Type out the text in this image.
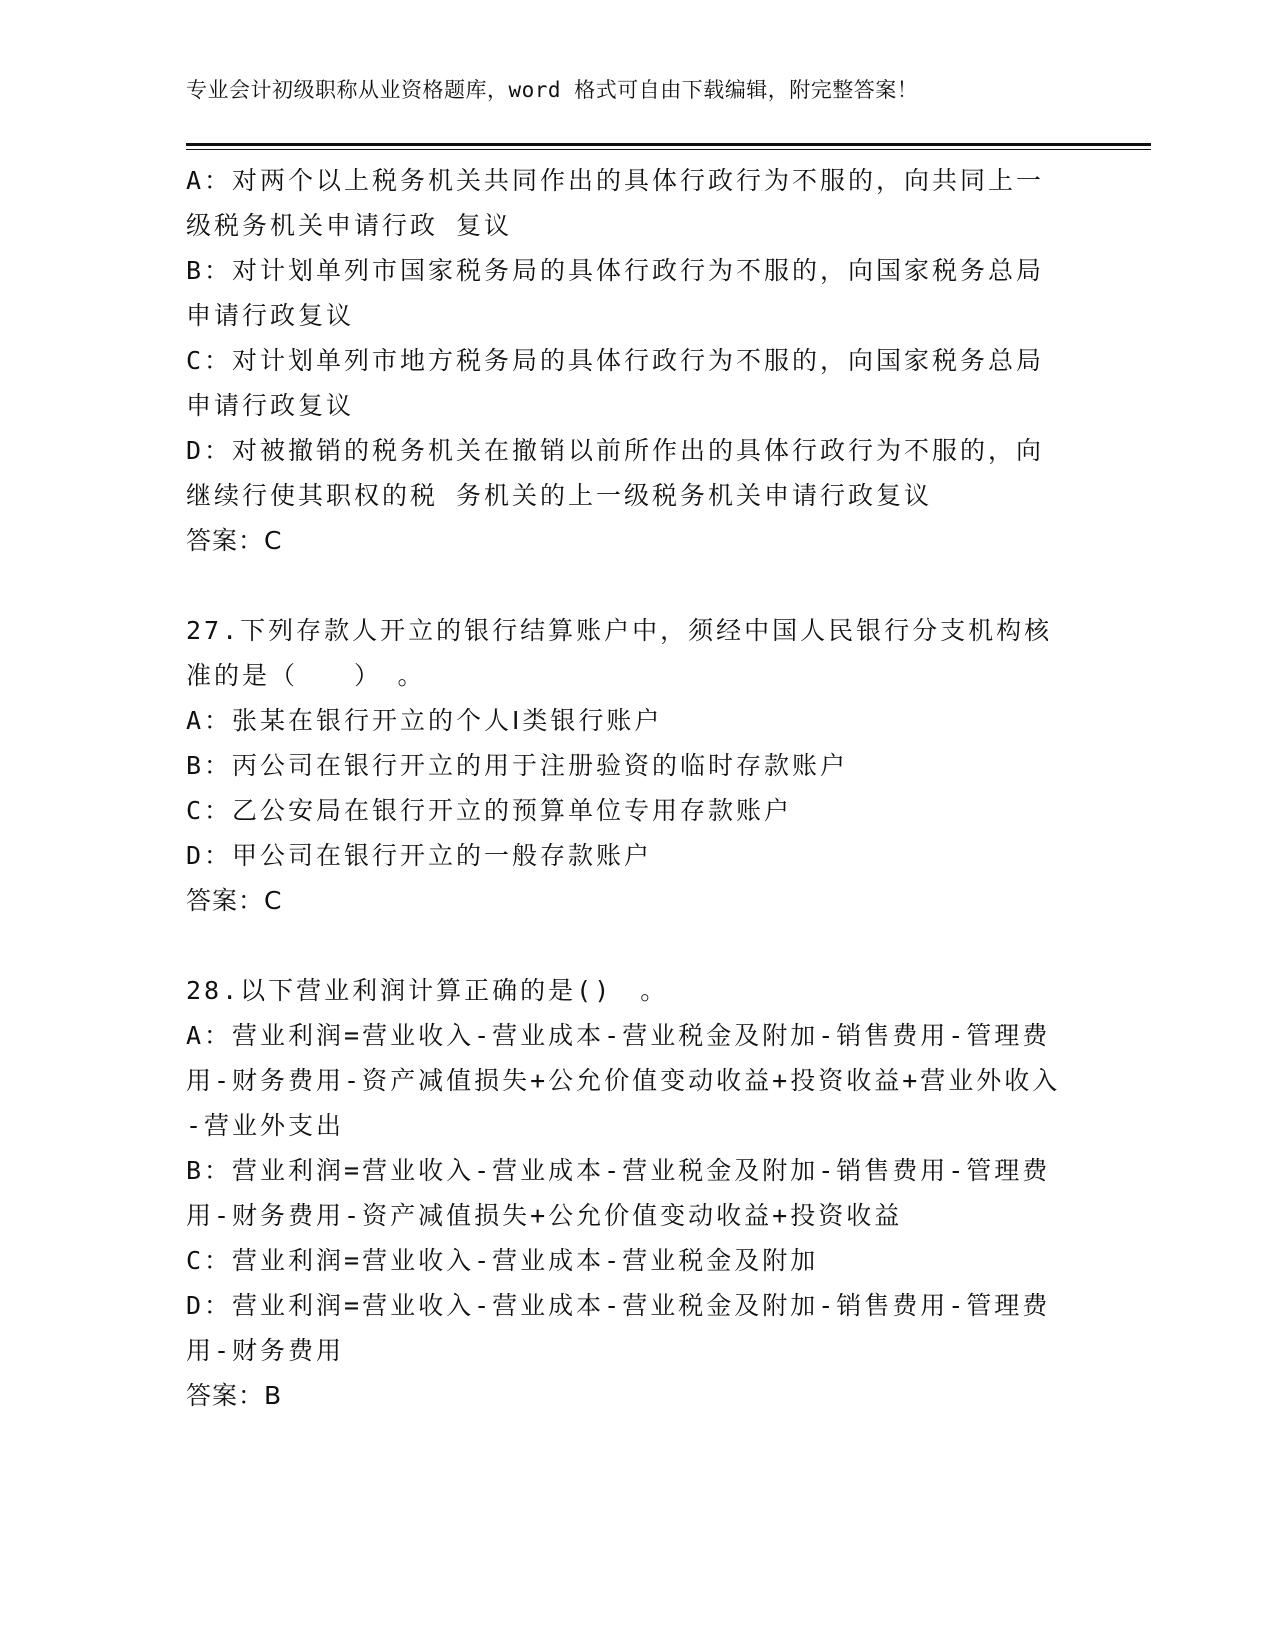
专业会计初级职称从业资格题库，word 格式可自由下载编辑，附完整答案！
A：对两个以上税务机关共同作出的具体行政行为不服的，向共同上一
级税务机关申请行政 复议
B：对计划单列市国家税务局的具体行政行为不服的，向国家税务总局
申请行政复议
C：对计划单列市地方税务局的具体行政行为不服的，向国家税务总局
申请行政复议
D：对被撤销的税务机关在撤销以前所作出的具体行政行为不服的，向
继续行使其职权的税 务机关的上一级税务机关申请行政复议
答案：C
27.下列存款人开立的银行结算账户中，须经中国人民银行分支机构核
准的是（　　）　。
A：张某在银行开立的个人Ⅰ类银行账户
B：丙公司在银行开立的用于注册验资的临时存款账户
C：乙公安局在银行开立的预算单位专用存款账户
D：甲公司在银行开立的一般存款账户
答案：C
28.以下营业利润计算正确的是()　。
A：营业利润=营业收入-营业成本-营业税金及附加-销售费用-管理费
用-财务费用-资产减值损失+公允价值变动收益+投资收益+营业外收入
-营业外支出
B：营业利润=营业收入-营业成本-营业税金及附加-销售费用-管理费
用-财务费用-资产减值损失+公允价值变动收益+投资收益
C：营业利润=营业收入-营业成本-营业税金及附加
D：营业利润=营业收入-营业成本-营业税金及附加-销售费用-管理费
用-财务费用
答案：B
